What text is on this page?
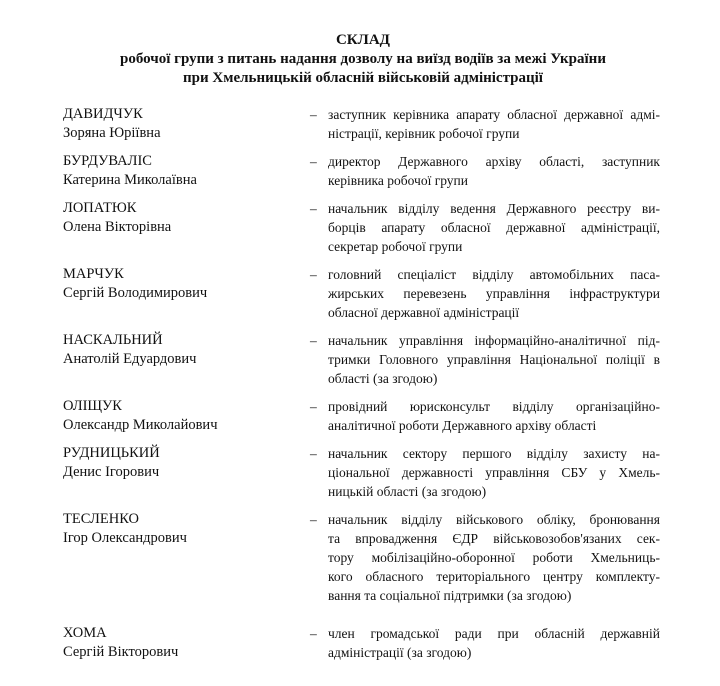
СКЛАД
робочої групи з питань надання дозволу на виїзд водіїв за межі України
при Хмельницькій обласній військовій адміністрації
ДАВИДЧУК
Зоряна Юріївна
– заступник керівника апарату обласної державної адмі-
ністрації, керівник робочої групи
БУРДУВАЛІС
Катерина Миколаївна
– директор Державного архіву області, заступник
керівника робочої групи
ЛОПАТЮК
Олена Вікторівна
– начальник відділу ведення Державного реєстру ви-
борців апарату обласної державної адміністрації,
секретар робочої групи
МАРЧУК
Сергій Володимирович
– головний спеціаліст відділу автомобільних паса-
жирських перевезень управління інфраструктури
обласної державної адміністрації
НАСКАЛЬНИЙ
Анатолій Едуардович
– начальник управління інформаційно-аналітичної під-
тримки Головного управління Національної поліції в
області (за згодою)
ОЛІЩУК
Олександр Миколайович
– провідний юрисконсульт відділу організаційно-
аналітичної роботи Державного архіву області
РУДНИЦЬКИЙ
Денис Ігорович
– начальник сектору першого відділу захисту на-
ціональної державності управління СБУ у Хмель-
ницькій області (за згодою)
ТЕСЛЕНКО
Ігор Олександрович
– начальник відділу військового обліку, бронювання
та впровадження ЄДР військовозобов'язаних сек-
тору мобілізаційно-оборонної роботи Хмельниць-
кого обласного територіального центру комплекту-
вання та соціальної підтримки (за згодою)
ХОМА
Сергій Вікторович
– член громадської ради при обласній державній
адміністрації (за згодою)
